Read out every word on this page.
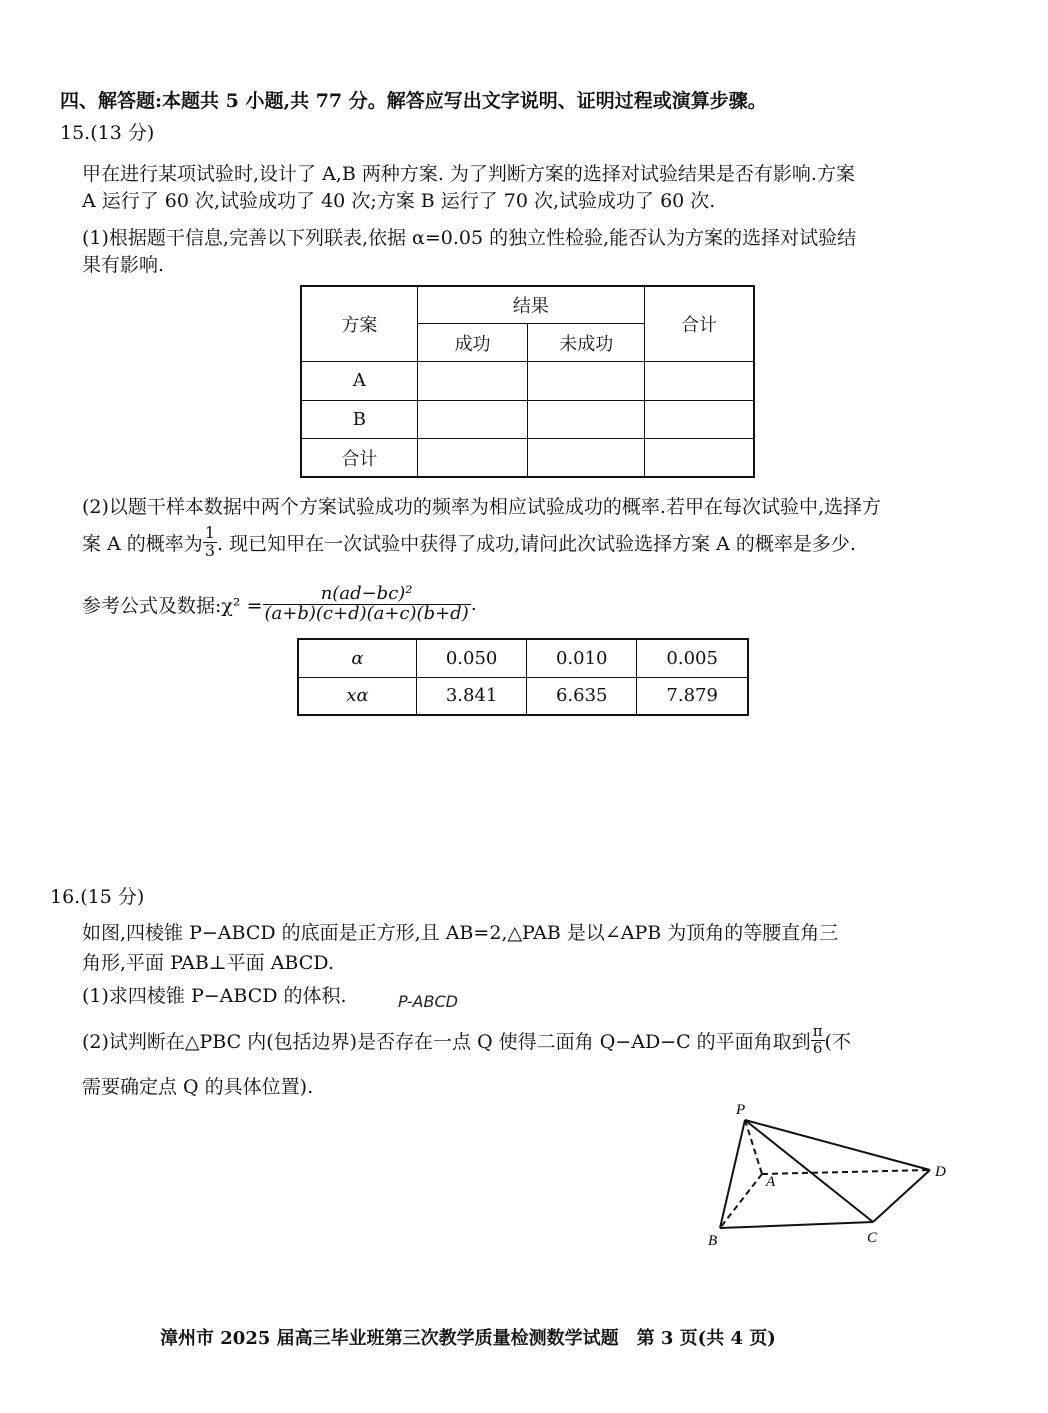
四、解答题:本题共 5 小题,共 77 分。解答应写出文字说明、证明过程或演算步骤。
15.(13 分)
甲在进行某项试验时,设计了 A,B 两种方案. 为了判断方案的选择对试验结果是否有影响.方案
A 运行了 60 次,试验成功了 40 次;方案 B 运行了 70 次,试验成功了 60 次.
(1)根据题干信息,完善以下列联表,依据 α=0.05 的独立性检验,能否认为方案的选择对试验结
果有影响.
方案	结果		合计
	成功	未成功	
A			
B			
合计			
(2)以题干样本数据中两个方案试验成功的频率为相应试验成功的概率.若甲在每次试验中,选择方
案 A 的概率为 $\frac{1}{3}$ . 现已知甲在一次试验中获得了成功,请问此次试验选择方案 A 的概率是多少.
参考公式及数据:χ² = $\frac{\text{n(ad−bc)²}}{(a+b)(c+d)(a+c)(b+d)}$ .
α	0.050	0.010	0.005
xα	3.841	6.635	7.879
16.(15 分)
如图,四棱锥 P−ABCD 的底面是正方形,且 AB=2,△PAB 是以∠APB 为顶角的等腰直角三
角形,平面 PAB⊥平面 ABCD.
(1)求四棱锥 P−ABCD 的体积.	P-ABCD
(2)试判断在△PBC 内(包括边界)是否存在一点 Q 使得二面角 Q−AD−C 的平面角取到 $\frac{\pi}{6}$ (不
需要确定点 Q 的具体位置).
P
A
B	C
D
漳州市 2025 届高三毕业班第三次教学质量检测数学试题　第 3 页(共 4 页)
